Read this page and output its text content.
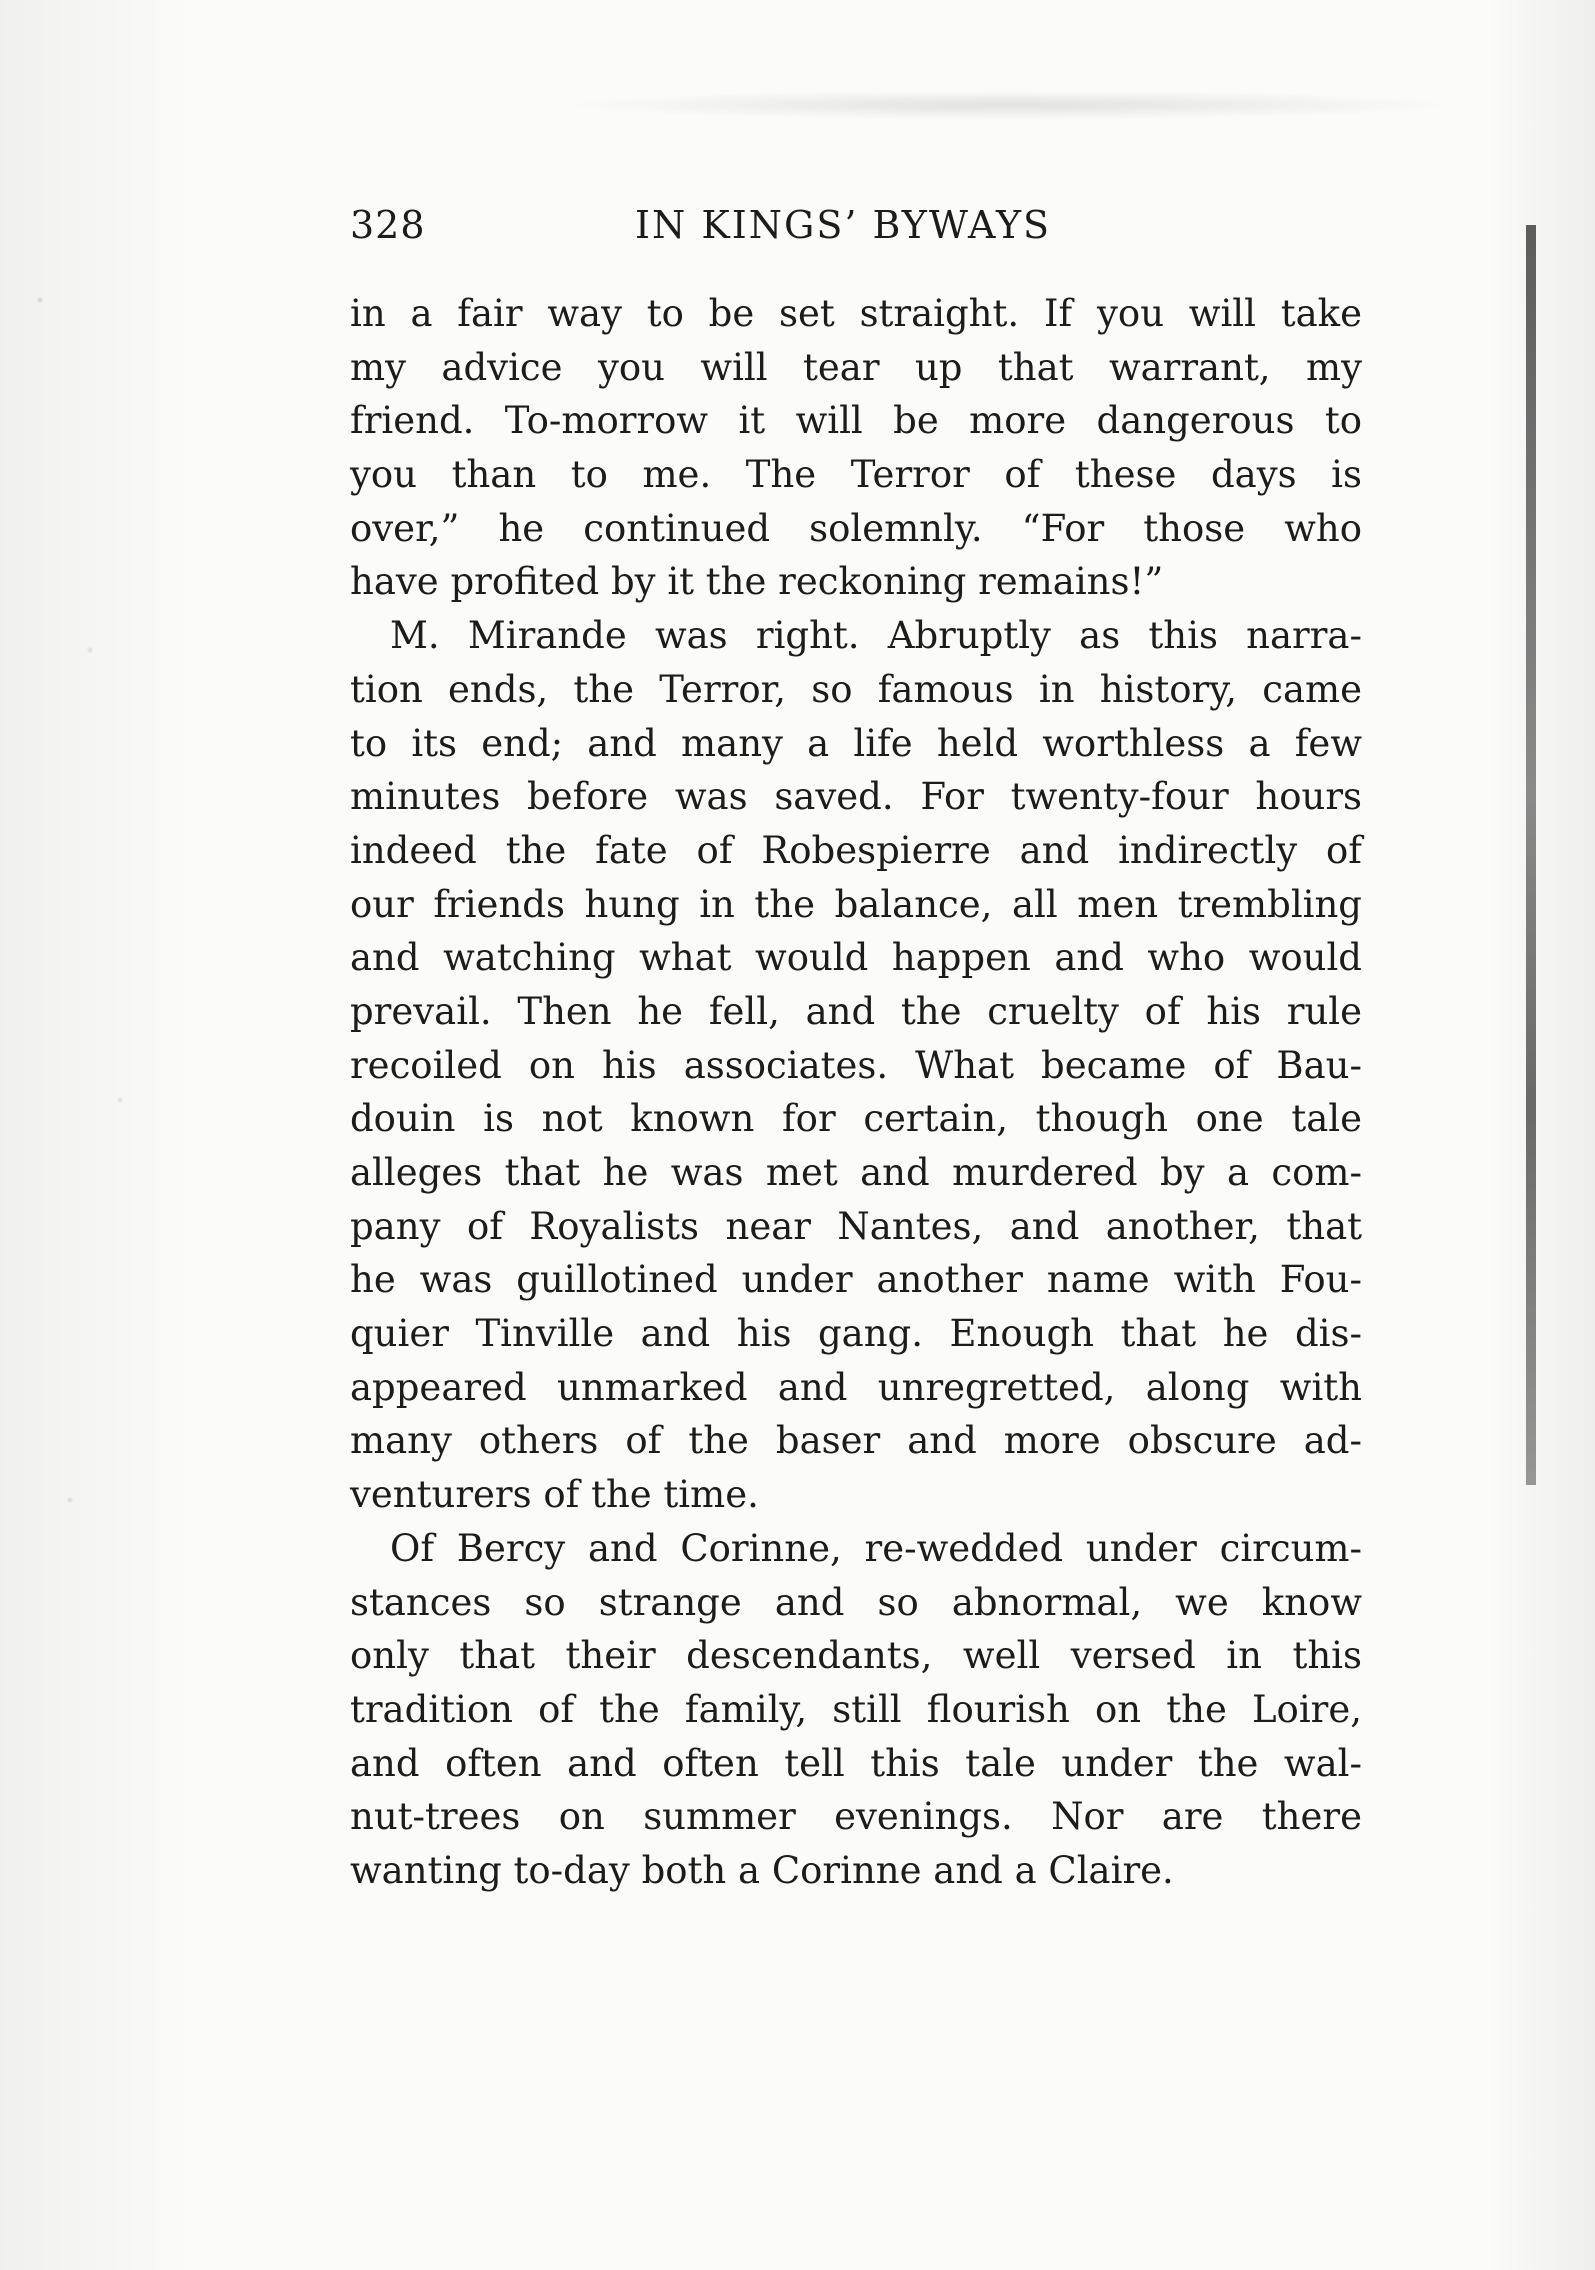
328	IN KINGS’ BYWAYS
in a fair way to be set straight. If you will take
my advice you will tear up that warrant, my
friend. To-morrow it will be more dangerous to
you than to me. The Terror of these days is
over,” he continued solemnly. “For those who
have profited by it the reckoning remains!”
M. Mirande was right. Abruptly as this narra-
tion ends, the Terror, so famous in history, came
to its end; and many a life held worthless a few
minutes before was saved. For twenty-four hours
indeed the fate of Robespierre and indirectly of
our friends hung in the balance, all men trembling
and watching what would happen and who would
prevail. Then he fell, and the cruelty of his rule
recoiled on his associates. What became of Bau-
douin is not known for certain, though one tale
alleges that he was met and murdered by a com-
pany of Royalists near Nantes, and another, that
he was guillotined under another name with Fou-
quier Tinville and his gang. Enough that he dis-
appeared unmarked and unregretted, along with
many others of the baser and more obscure ad-
venturers of the time.
Of Bercy and Corinne, re-wedded under circum-
stances so strange and so abnormal, we know
only that their descendants, well versed in this
tradition of the family, still flourish on the Loire,
and often and often tell this tale under the wal-
nut-trees on summer evenings. Nor are there
wanting to-day both a Corinne and a Claire.
